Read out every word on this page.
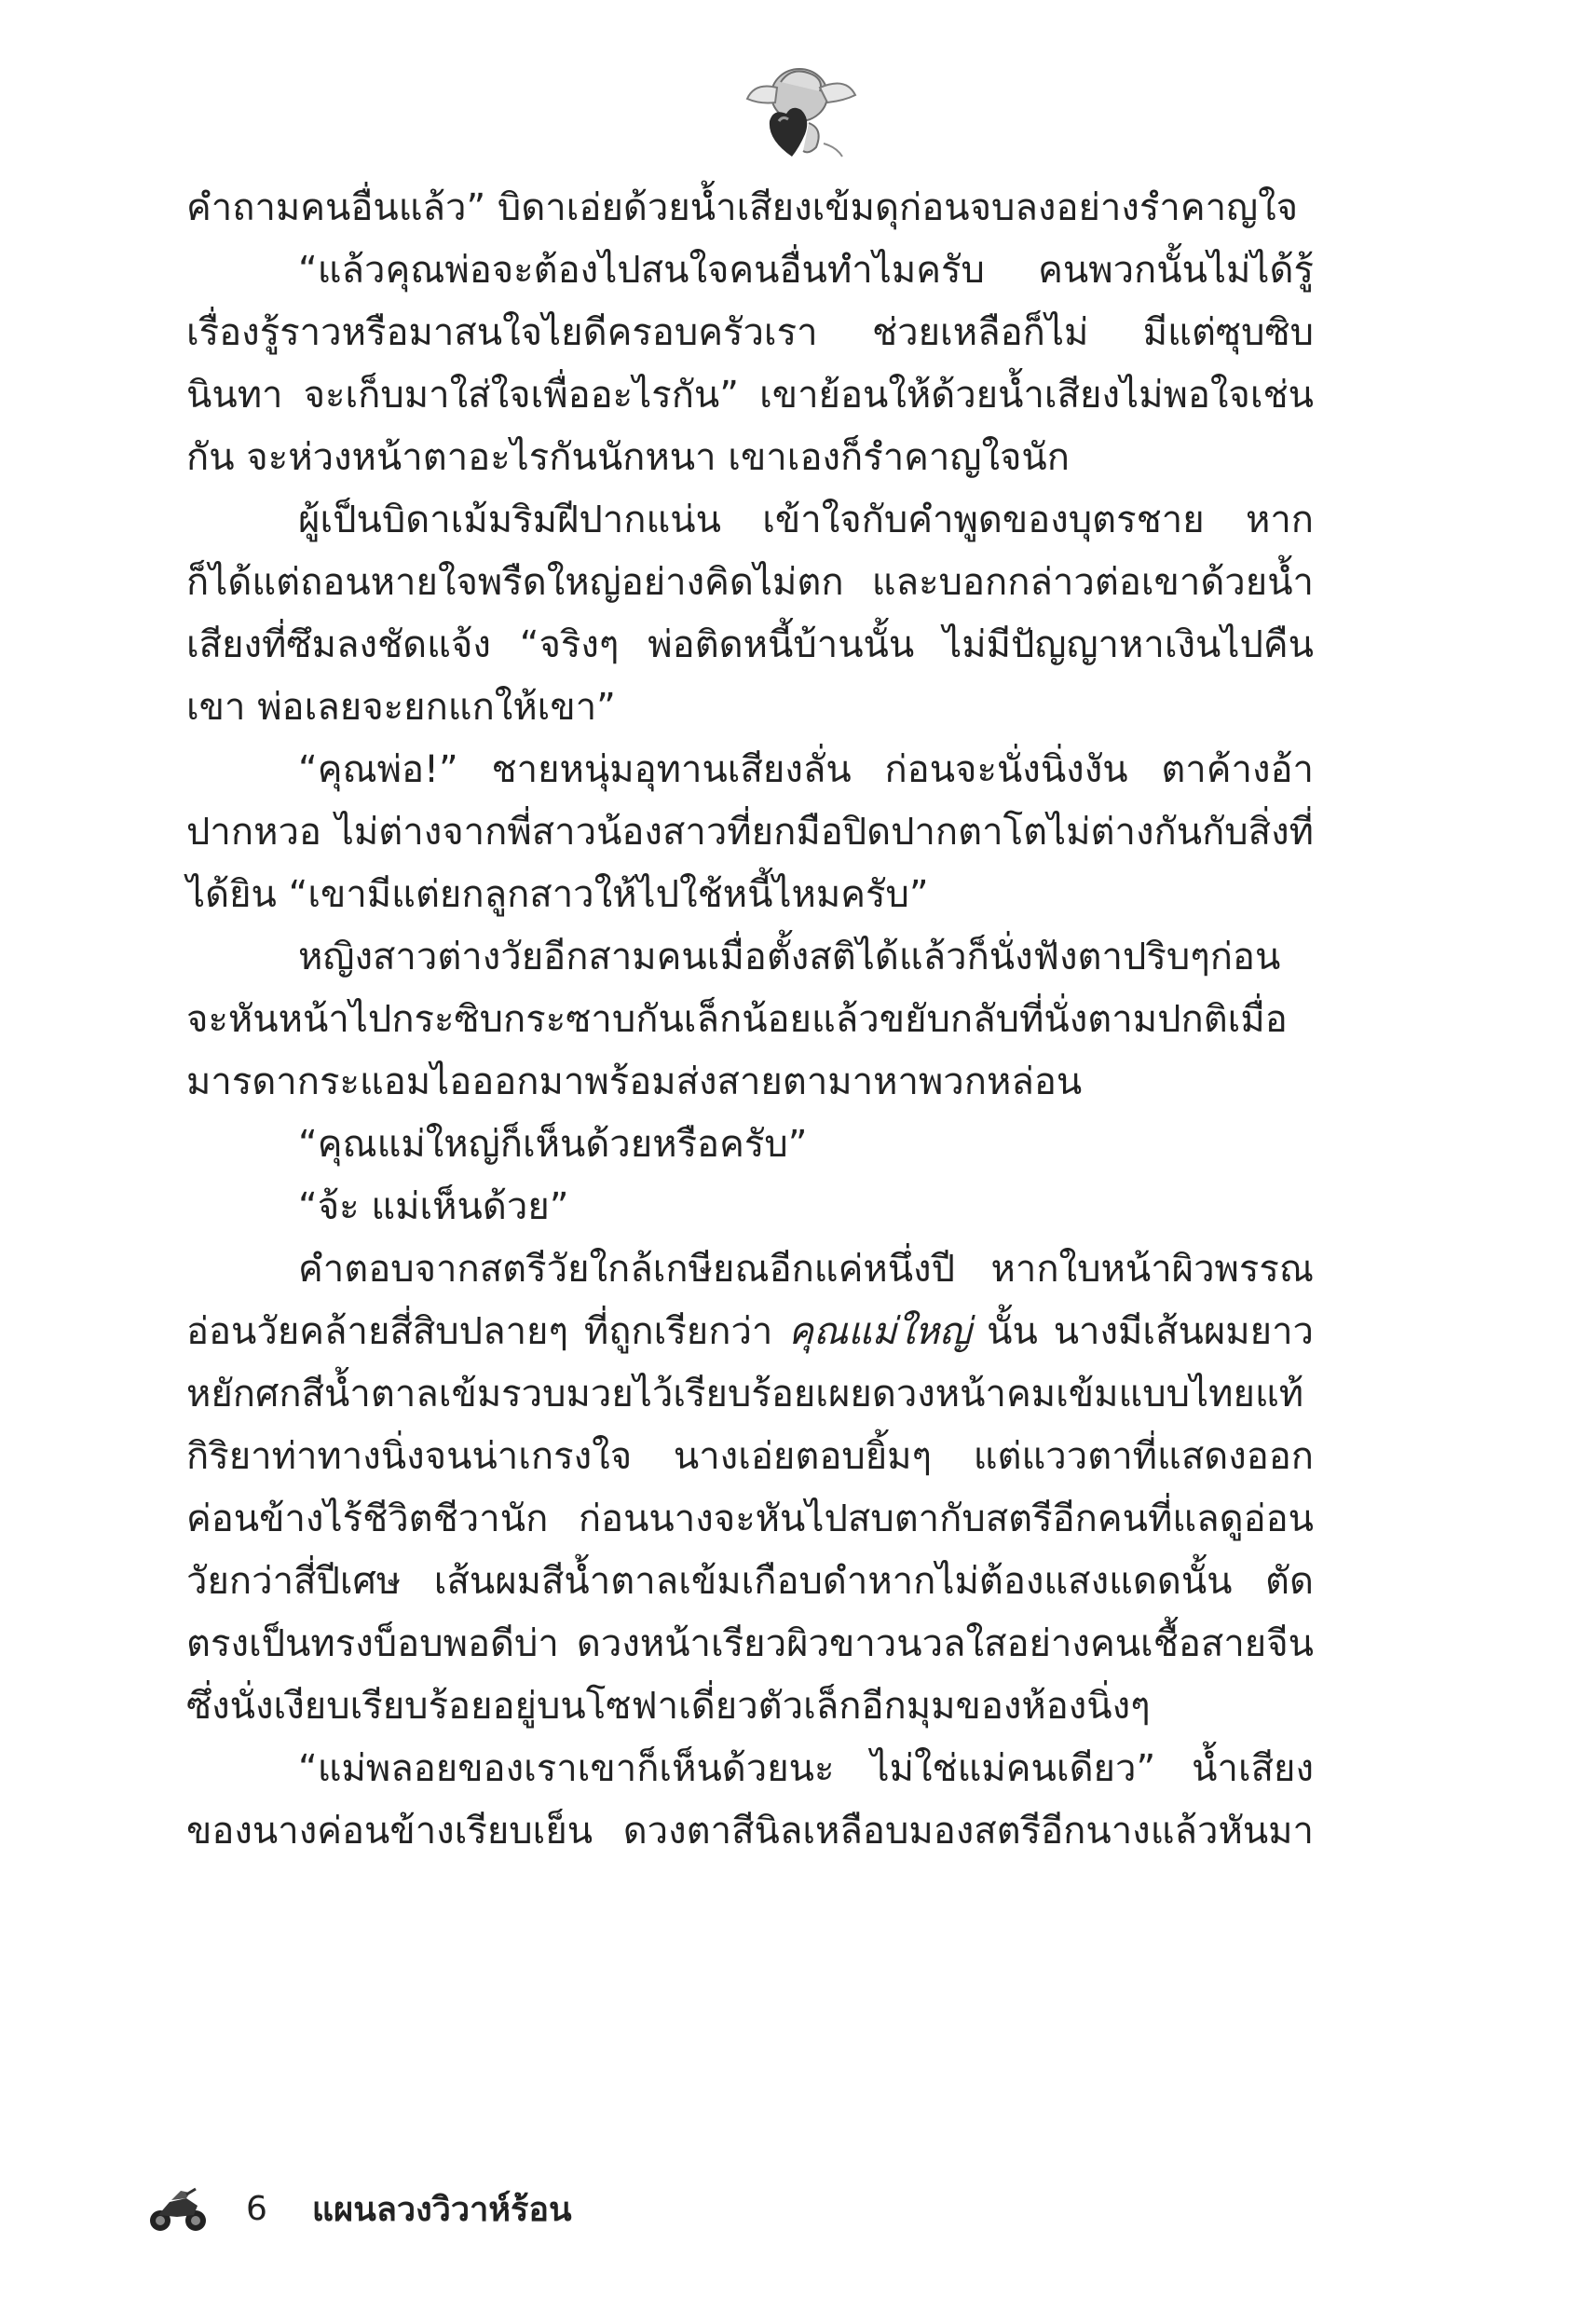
คำถามคนอื่นแล้ว” บิดาเอ่ยด้วยน้ำเสียงเข้มดุก่อนจบลงอย่างรำคาญใจ

“แล้วคุณพ่อจะต้องไปสนใจคนอื่นทำไมครับ คนพวกนั้นไม่ได้รู้เรื่องรู้ราวหรือมาสนใจไยดีครอบครัวเรา ช่วยเหลือก็ไม่ มีแต่ซุบซิบนินทา จะเก็บมาใส่ใจเพื่ออะไรกัน” เขาย้อนให้ด้วยน้ำเสียงไม่พอใจเช่นกัน จะห่วงหน้าตาอะไรกันนักหนา เขาเองก็รำคาญใจนัก

ผู้เป็นบิดาเม้มริมฝีปากแน่น เข้าใจกับคำพูดของบุตรชาย หากก็ได้แต่ถอนหายใจพรืดใหญ่อย่างคิดไม่ตก และบอกกล่าวต่อเขาด้วยน้ำเสียงที่ซึมลงชัดแจ้ง “จริงๆ พ่อติดหนี้บ้านนั้น ไม่มีปัญญาหาเงินไปคืนเขา พ่อเลยจะยกแกให้เขา”

“คุณพ่อ!” ชายหนุ่มอุทานเสียงลั่น ก่อนจะนั่งนิ่งงัน ตาค้างอ้าปากหวอ ไม่ต่างจากพี่สาวน้องสาวที่ยกมือปิดปากตาโตไม่ต่างกันกับสิ่งที่ได้ยิน “เขามีแต่ยกลูกสาวให้ไปใช้หนี้ไหมครับ”

หญิงสาวต่างวัยอีกสามคนเมื่อตั้งสติได้แล้วก็นั่งฟังตาปริบๆก่อนจะหันหน้าไปกระซิบกระซาบกันเล็กน้อยแล้วขยับกลับที่นั่งตามปกติเมื่อมารดากระแอมไอออกมาพร้อมส่งสายตามาหาพวกหล่อน

“คุณแม่ใหญ่ก็เห็นด้วยหรือครับ”

“จ้ะ แม่เห็นด้วย”

คำตอบจากสตรีวัยใกล้เกษียณอีกแค่หนึ่งปี หากใบหน้าผิวพรรณอ่อนวัยคล้ายสี่สิบปลายๆ ที่ถูกเรียกว่า คุณแม่ใหญ่ นั้น นางมีเส้นผมยาวหยักศกสีน้ำตาลเข้มรวบมวยไว้เรียบร้อยเผยดวงหน้าคมเข้มแบบไทยแท้ กิริยาท่าทางนิ่งจนน่าเกรงใจ นางเอ่ยตอบยิ้มๆ แต่แววตาที่แสดงออกค่อนข้างไร้ชีวิตชีวานัก ก่อนนางจะหันไปสบตากับสตรีอีกคนที่แลดูอ่อนวัยกว่าสี่ปีเศษ เส้นผมสีน้ำตาลเข้มเกือบดำหากไม่ต้องแสงแดดนั้น ตัดตรงเป็นทรงบ็อบพอดีบ่า ดวงหน้าเรียวผิวขาวนวลใสอย่างคนเชื้อสายจีน ซึ่งนั่งเงียบเรียบร้อยอยู่บนโซฟาเดี่ยวตัวเล็กอีกมุมของห้องนิ่งๆ

“แม่พลอยของเราเขาก็เห็นด้วยนะ ไม่ใช่แม่คนเดียว” น้ำเสียงของนางค่อนข้างเรียบเย็น ดวงตาสีนิลเหลือบมองสตรีอีกนางแล้วหันมา

6 แผนลวงวิวาห์ร้อน
